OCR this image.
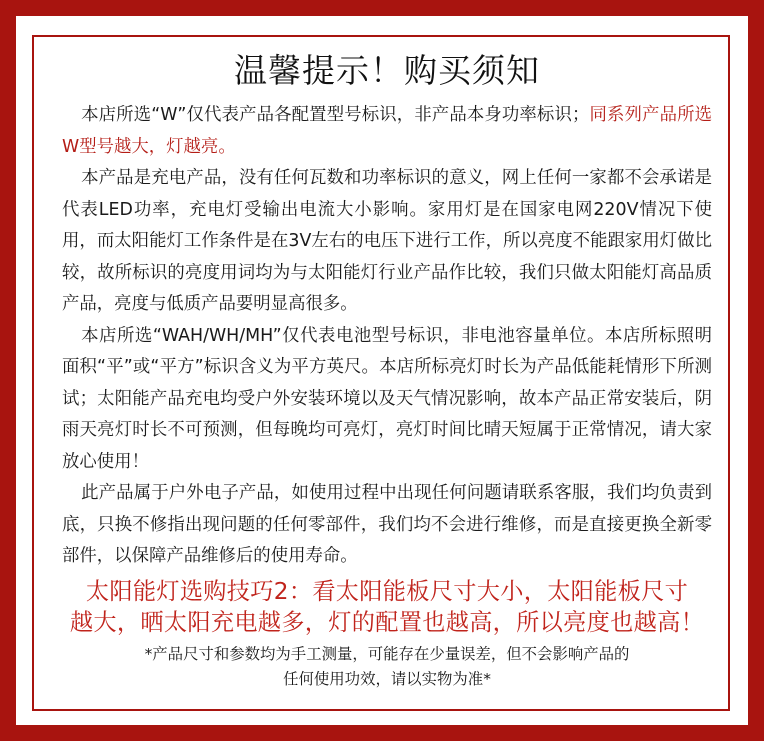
温馨提示！购买须知

本店所选“W”仅代表产品各配置型号标识，非产品本身功率标识；同系列产品所选W型号越大，灯越亮。

本产品是充电产品，没有任何瓦数和功率标识的意义，网上任何一家都不会承诺是代表LED功率，充电灯受输出电流大小影响。家用灯是在国家电网220V情况下使用，而太阳能灯工作条件是在3V左右的电压下进行工作，所以亮度不能跟家用灯做比较，故所标识的亮度用词均为与太阳能灯行业产品作比较，我们只做太阳能灯高品质产品，亮度与低质产品要明显高很多。

本店所选“WAH/WH/MH”仅代表电池型号标识，非电池容量单位。本店所标照明面积“平”或“平方”标识含义为平方英尺。本店所标亮灯时长为产品低能耗情形下所测试；太阳能产品充电均受户外安装环境以及天气情况影响，故本产品正常安装后，阴雨天亮灯时长不可预测，但每晚均可亮灯，亮灯时间比晴天短属于正常情况，请大家放心使用！

此产品属于户外电子产品，如使用过程中出现任何问题请联系客服，我们均负责到底，只换不修指出现问题的任何零部件，我们均不会进行维修，而是直接更换全新零部件，以保障产品维修后的使用寿命。

太阳能灯选购技巧2：看太阳能板尺寸大小，太阳能板尺寸
越大，晒太阳充电越多，灯的配置也越高，所以亮度也越高！
*产品尺寸和参数均为手工测量，可能存在少量误差，但不会影响产品的
任何使用功效，请以实物为准*
